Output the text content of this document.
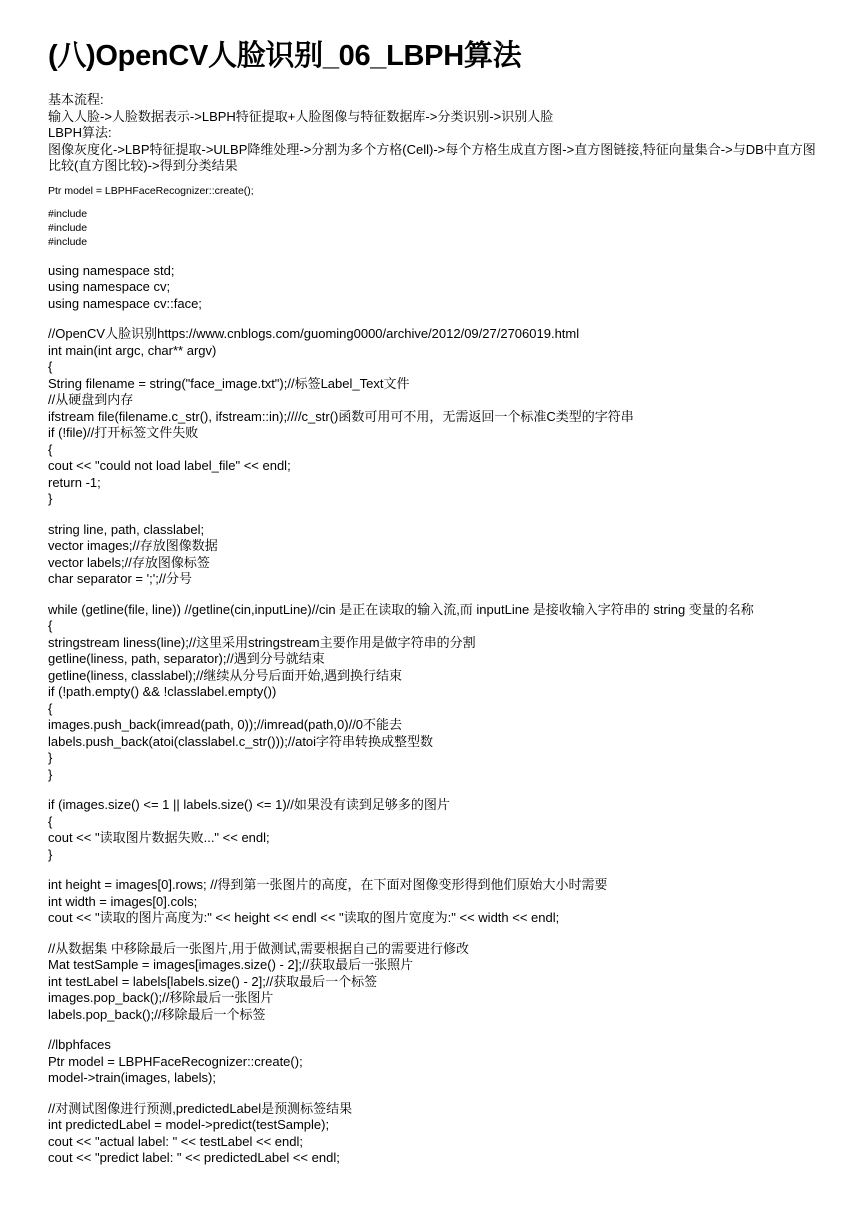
(八)OpenCV人脸识别_06_LBPH算法
基本流程:
输入人脸->人脸数据表示->LBPH特征提取+人脸图像与特征数据库->分类识别->识别人脸
LBPH算法:
图像灰度化->LBP特征提取->ULBP降维处理->分割为多个方格(Cell)->每个方格生成直方图->直方图链接,特征向量集合->与DB中直方图比较(直方图比较)->得到分类结果
Ptr model = LBPHFaceRecognizer::create();
#include
#include
#include
using namespace std;
using namespace cv;
using namespace cv::face;
//OpenCV人脸识别https://www.cnblogs.com/guoming0000/archive/2012/09/27/2706019.html
int main(int argc, char** argv)
{
String filename = string("face_image.txt");//标签Label_Text文件
//从硬盘到内存
ifstream file(filename.c_str(), ifstream::in);////c_str()函数可用可不用，无需返回一个标准C类型的字符串
if (!file)//打开标签文件失败
{
cout << "could not load label_file" << endl;
return -1;
}
string line, path, classlabel;
vector images;//存放图像数据
vector labels;//存放图像标签
char separator = ';';//分号
while (getline(file, line)) //getline(cin,inputLine)//cin 是正在读取的输入流,而 inputLine 是接收输入字符串的 string 变量的名称
{
stringstream liness(line);//这里采用stringstream主要作用是做字符串的分割
getline(liness, path, separator);//遇到分号就结束
getline(liness, classlabel);//继续从分号后面开始,遇到换行结束
if (!path.empty() && !classlabel.empty())
{
images.push_back(imread(path, 0));//imread(path,0)//0不能去
labels.push_back(atoi(classlabel.c_str()));//atoi字符串转换成整型数
}
}
if (images.size() <= 1 || labels.size() <= 1)//如果没有读到足够多的图片
{
cout << "读取图片数据失败..." << endl;
}
int height = images[0].rows; //得到第一张图片的高度，在下面对图像变形得到他们原始大小时需要
int width = images[0].cols;
cout << "读取的图片高度为:" << height << endl << "读取的图片宽度为:" << width << endl;
//从数据集 中移除最后一张图片,用于做测试,需要根据自己的需要进行修改
Mat testSample = images[images.size() - 2];//获取最后一张照片
int testLabel = labels[labels.size() - 2];//获取最后一个标签
images.pop_back();//移除最后一张图片
labels.pop_back();//移除最后一个标签
//lbphfaces
Ptr model = LBPHFaceRecognizer::create();
model->train(images, labels);
//对测试图像进行预测,predictedLabel是预测标签结果
int predictedLabel = model->predict(testSample);
cout << "actual label: " << testLabel << endl;
cout << "predict label: " << predictedLabel << endl;
